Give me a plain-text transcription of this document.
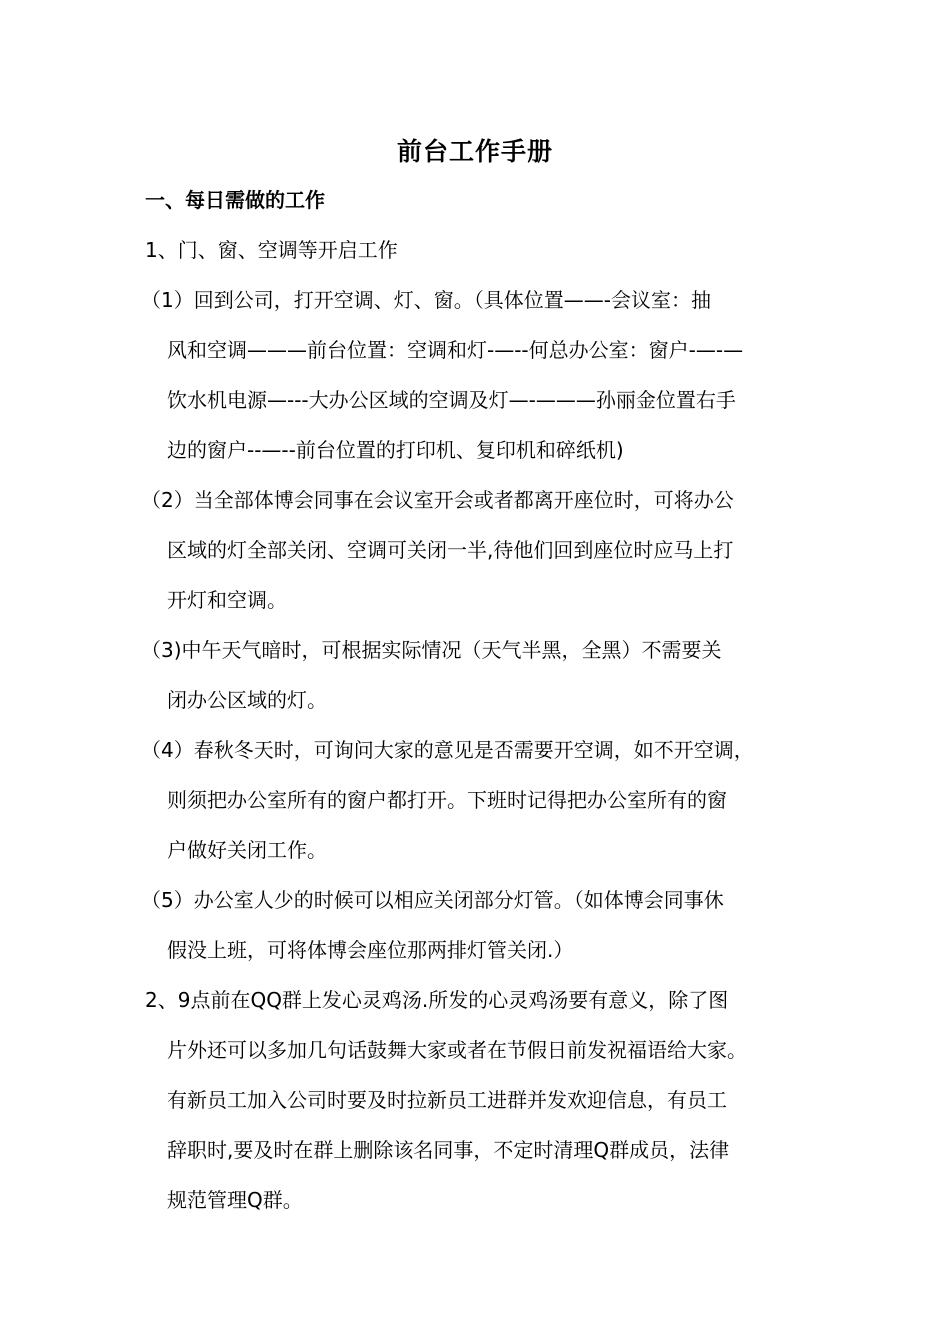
前台工作手册
一、每日需做的工作
1、门、窗、空调等开启工作
（1）回到公司，打开空调、灯、窗。（具体位置——-会议室：抽
风和空调———前台位置：空调和灯-—--何总办公室：窗户-—-—
饮水机电源—---大办公区域的空调及灯—-———孙丽金位置右手
边的窗户--—--前台位置的打印机、复印机和碎纸机)
（2）当全部体博会同事在会议室开会或者都离开座位时，可将办公
区域的灯全部关闭、空调可关闭一半,待他们回到座位时应马上打
开灯和空调。
（3)中午天气暗时，可根据实际情况（天气半黑，全黑）不需要关
闭办公区域的灯。
（4）春秋冬天时，可询问大家的意见是否需要开空调，如不开空调，
则须把办公室所有的窗户都打开。下班时记得把办公室所有的窗
户做好关闭工作。
（5）办公室人少的时候可以相应关闭部分灯管。（如体博会同事休
假没上班，可将体博会座位那两排灯管关闭.）
2、9点前在QQ群上发心灵鸡汤.所发的心灵鸡汤要有意义，除了图
片外还可以多加几句话鼓舞大家或者在节假日前发祝福语给大家。
有新员工加入公司时要及时拉新员工进群并发欢迎信息，有员工
辞职时,要及时在群上删除该名同事，不定时清理Q群成员，法律
规范管理Q群。
